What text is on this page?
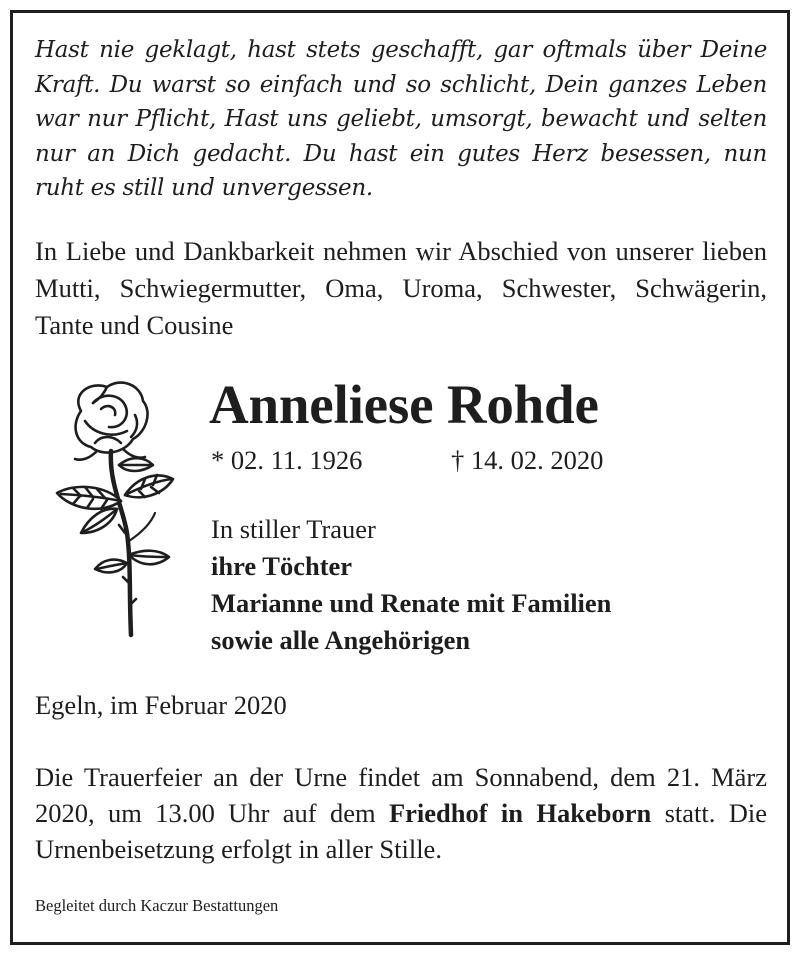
Hast nie geklagt, hast stets geschafft, gar oftmals über Deine Kraft. Du warst so einfach und so schlicht, Dein ganzes Leben war nur Pflicht, Hast uns geliebt, umsorgt, bewacht und selten nur an Dich gedacht. Du hast ein gutes Herz besessen, nun ruht es still und unvergessen.

In Liebe und Dankbarkeit nehmen wir Abschied von unserer lieben Mutti, Schwiegermutter, Oma, Uroma, Schwester, Schwägerin, Tante und Cousine

Anneliese Rohde
* 02. 11. 1926	† 14. 02. 2020
In stiller Trauer
ihre Töchter
Marianne und Renate mit Familien
sowie alle Angehörigen

Egeln, im Februar 2020

Die Trauerfeier an der Urne findet am Sonnabend, dem 21. März 2020, um 13.00 Uhr auf dem Friedhof in Hakeborn statt. Die Urnenbeisetzung erfolgt in aller Stille.

Begleitet durch Kaczur Bestattungen
